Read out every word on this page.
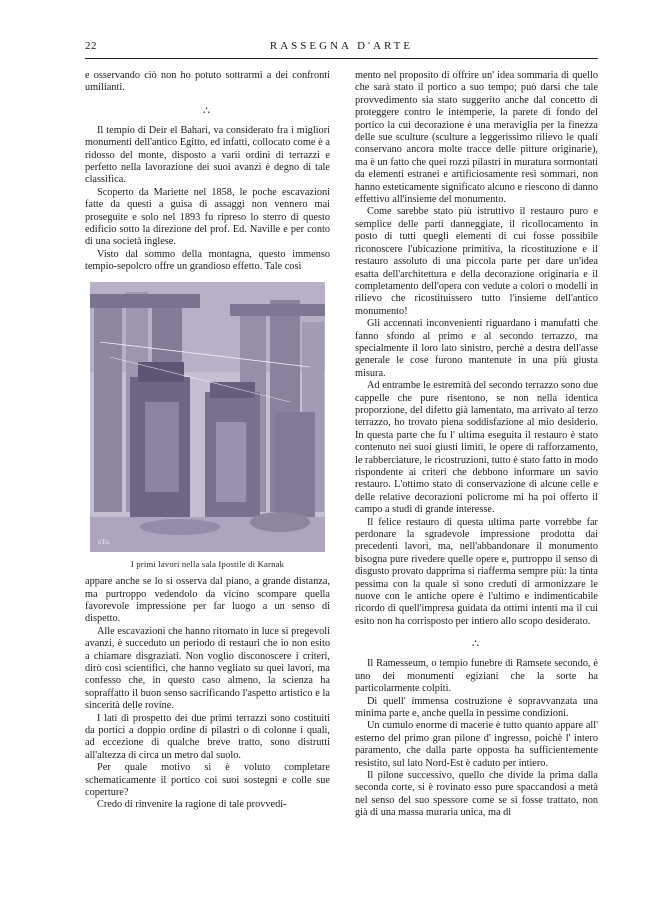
22	RASSEGNA D'ARTE

e osservando ciò non ho potuto sottrarmi a dei confronti umilianti.

∴

Il tempio di Deir el Bahari, va considerato fra i migliori monumenti dell'antico Egitto, ed infatti, collocato come è a ridosso del monte, disposto a varii ordini di terrazzi e perfetto nella lavorazione dei suoi avanzi è degno di tale classifica.

Scoperto da Mariette nel 1858, le poche escavazioni fatte da questi a guisa di assaggi non vennero mai proseguite e solo nel 1893 fu ripreso lo sterro di questo edificio sotto la direzione del prof. Ed. Naville e per conto di una società inglese.

Visto dal sommo della montagna, questo immenso tempio-sepolcro offre un grandioso effetto. Tale così

nTo.
I primi lavori nella sala Ipostile di Karnak

appare anche se lo si osserva dal piano, a grande distanza, ma purtroppo vedendolo da vicino scompare quella favorevole impressione per far luogo a un senso di dispetto.

Alle escavazioni che hanno ritornato in luce si pregevoli avanzi, è succeduto un periodo di restauri che io non esito a chiamare disgraziati. Non voglio disconoscere i criteri, dirò così scientifici, che hanno vegliato su quei lavori, ma confesso che, in questo caso almeno, la scienza ha sopraffatto il buon senso sacrificando l'aspetto artistico e la sincerità delle rovine.

I lati di prospetto dei due primi terrazzi sono costituiti da portici a doppio ordine di pilastri o di colonne i quali, ad eccezione di qualche breve tratto, sono distrutti all'altezza di circa un metro dal suolo.

Per quale motivo si è voluto completare schematicamente il portico coi suoi sostegni e colle sue coperture?

Credo di rinvenire la ragione di tale provvedi-

mento nel proposito di offrire un' idea sommaria di quello che sarà stato il portico a suo tempo; può darsi che tale provvedimento sia stato suggerito anche dal concetto di proteggere contro le intemperie, la parete di fondo del portico la cui decorazione è una meraviglia per la finezza delle sue sculture (sculture a leggerissimo rilievo le quali conservano ancora molte tracce delle pitture originarie), ma è un fatto che quei rozzi pilastri in muratura sormontati da elementi estranei e artificiosamente resi sommari, non hanno esteticamente significato alcuno e riescono di danno effettivo all'insieme del monumento.

Come sarebbe stato più istruttivo il restauro puro e semplice delle parti danneggiate, il ricollocamento in posto di tutti quegli elementi di cui fosse possibile riconoscere l'ubicazione primitiva, la ricostituzione e il restauro assoluto di una piccola parte per dare un'idea esatta dell'architettura e della decorazione originaria e il completamento dell'opera con vedute a colori o modelli in rilievo che ricostituissero tutto l'insieme dell'antico monumento!

Gli accennati inconvenienti riguardano i manufatti che fanno sfondo al primo e al secondo terrazzo, ma specialmente il loro lato sinistro, perchè a destra dell'asse generale le cose furono mantenute in una più giusta misura.

Ad entrambe le estremità del secondo terrazzo sono due cappelle che pure risentono, se non nella identica proporzione, del difetto già lamentato, ma arrivato al terzo terrazzo, ho trovato piena soddisfazione al mio desiderio. In questa parte che fu l' ultima eseguita il restauro è stato contenuto nei suoi giusti limiti, le opere di rafforzamento, le rabberciature, le ricostruzioni, tutto è stato fatto in modo rispondente ai criteri che debbono informare un savio restauro. L'ottimo stato di conservazione di alcune celle e delle relative decorazioni policrome mi ha poi offerto il campo a studi di grande interesse.

Il felice restauro di questa ultima parte vorrebbe far perdonare la sgradevole impressione prodotta dai precedenti lavori, ma, nell'abbandonare il monumento bisogna pure rivedere quelle opere e, purtroppo il senso di disgusto provato dapprima si riafferma sempre più: la tinta pessima con la quale si sono creduti di armonizzare le nuove con le antiche opere è l'ultimo e indimenticabile ricordo di quell'impresa guidata da ottimi intenti ma il cui esito non ha corrisposto per intiero allo scopo desiderato.

∴

Il Ramesseum, o tempio funebre di Ramsete secondo, è uno dei monumenti egiziani che la sorte ha particolarmente colpiti.

Di quell' immensa costruzione è sopravvanzata una minima parte e, anche quella in pessime condizioni.

Un cumulo enorme di macerie è tutto quanto appare all' esterno del primo gran pilone d' ingresso, poichè l' intero paramento, che dalla parte opposta ha sufficientemente resistito, sul lato Nord-Est è caduto per intiero.

Il pilone successivo, quello che divide la prima dalla seconda corte, si è rovinato esso pure spaccandosi a metà nel senso del suo spessore come se si fosse trattato, non già di una massa muraria unica, ma di
